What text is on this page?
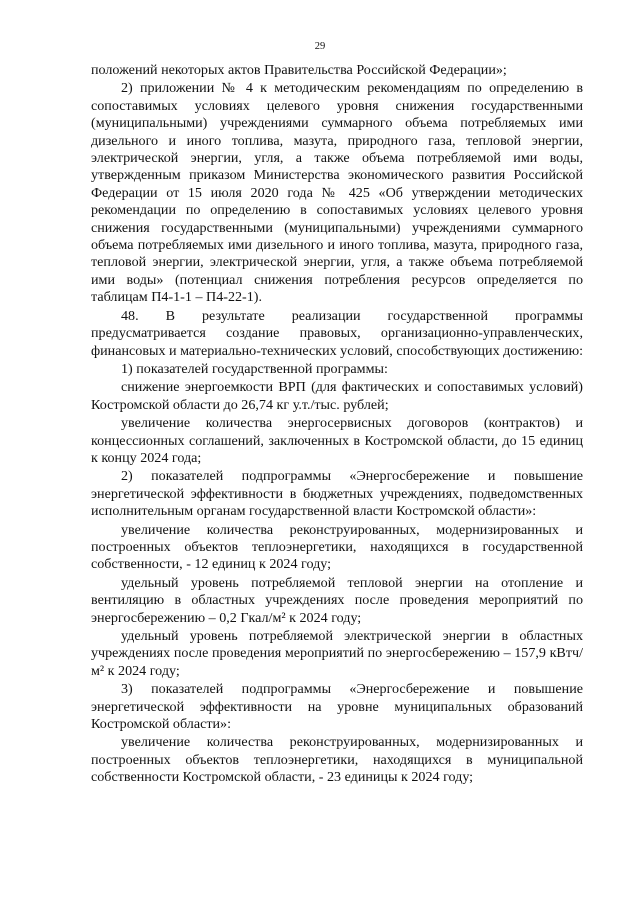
29

положений некоторых актов Правительства Российской Федерации»;

2) приложении № 4 к методическим рекомендациям по определению в сопоставимых условиях целевого уровня снижения государственными (муниципальными) учреждениями суммарного объема потребляемых ими дизельного и иного топлива, мазута, природного газа, тепловой энергии, электрической энергии, угля, а также объема потребляемой ими воды, утвержденным приказом Министерства экономического развития Российской Федерации от 15 июля 2020 года № 425 «Об утверждении методических рекомендации по определению в сопоставимых условиях целевого уровня снижения государственными (муниципальными) учреждениями суммарного объема потребляемых ими дизельного и иного топлива, мазута, природного газа, тепловой энергии, электрической энергии, угля, а также объема потребляемой ими воды» (потенциал снижения потребления ресурсов определяется по таблицам П4-1-1 – П4-22-1).

48. В результате реализации государственной программы предусматривается создание правовых, организационно-управленческих, финансовых и материально-технических условий, способствующих достижению:

1) показателей государственной программы:

снижение энергоемкости ВРП (для фактических и сопоставимых условий) Костромской области до 26,74 кг у.т./тыс. рублей;

увеличение количества энергосервисных договоров (контрактов) и концессионных соглашений, заключенных в Костромской области, до 15 единиц к концу 2024 года;

2) показателей подпрограммы «Энергосбережение и повышение энергетической эффективности в бюджетных учреждениях, подведомственных исполнительным органам государственной власти Костромской области»:

увеличение количества реконструированных, модернизированных и построенных объектов теплоэнергетики, находящихся в государственной собственности, - 12 единиц к 2024 году;

удельный уровень потребляемой тепловой энергии на отопление и вентиляцию в областных учреждениях после проведения мероприятий по энергосбережению – 0,2 Гкал/м² к 2024 году;

удельный уровень потребляемой электрической энергии в областных учреждениях после проведения мероприятий по энергосбережению – 157,9 кВтч/м² к 2024 году;

3) показателей подпрограммы «Энергосбережение и повышение энергетической эффективности на уровне муниципальных образований Костромской области»:

увеличение количества реконструированных, модернизированных и построенных объектов теплоэнергетики, находящихся в муниципальной собственности Костромской области, - 23 единицы к 2024 году;
